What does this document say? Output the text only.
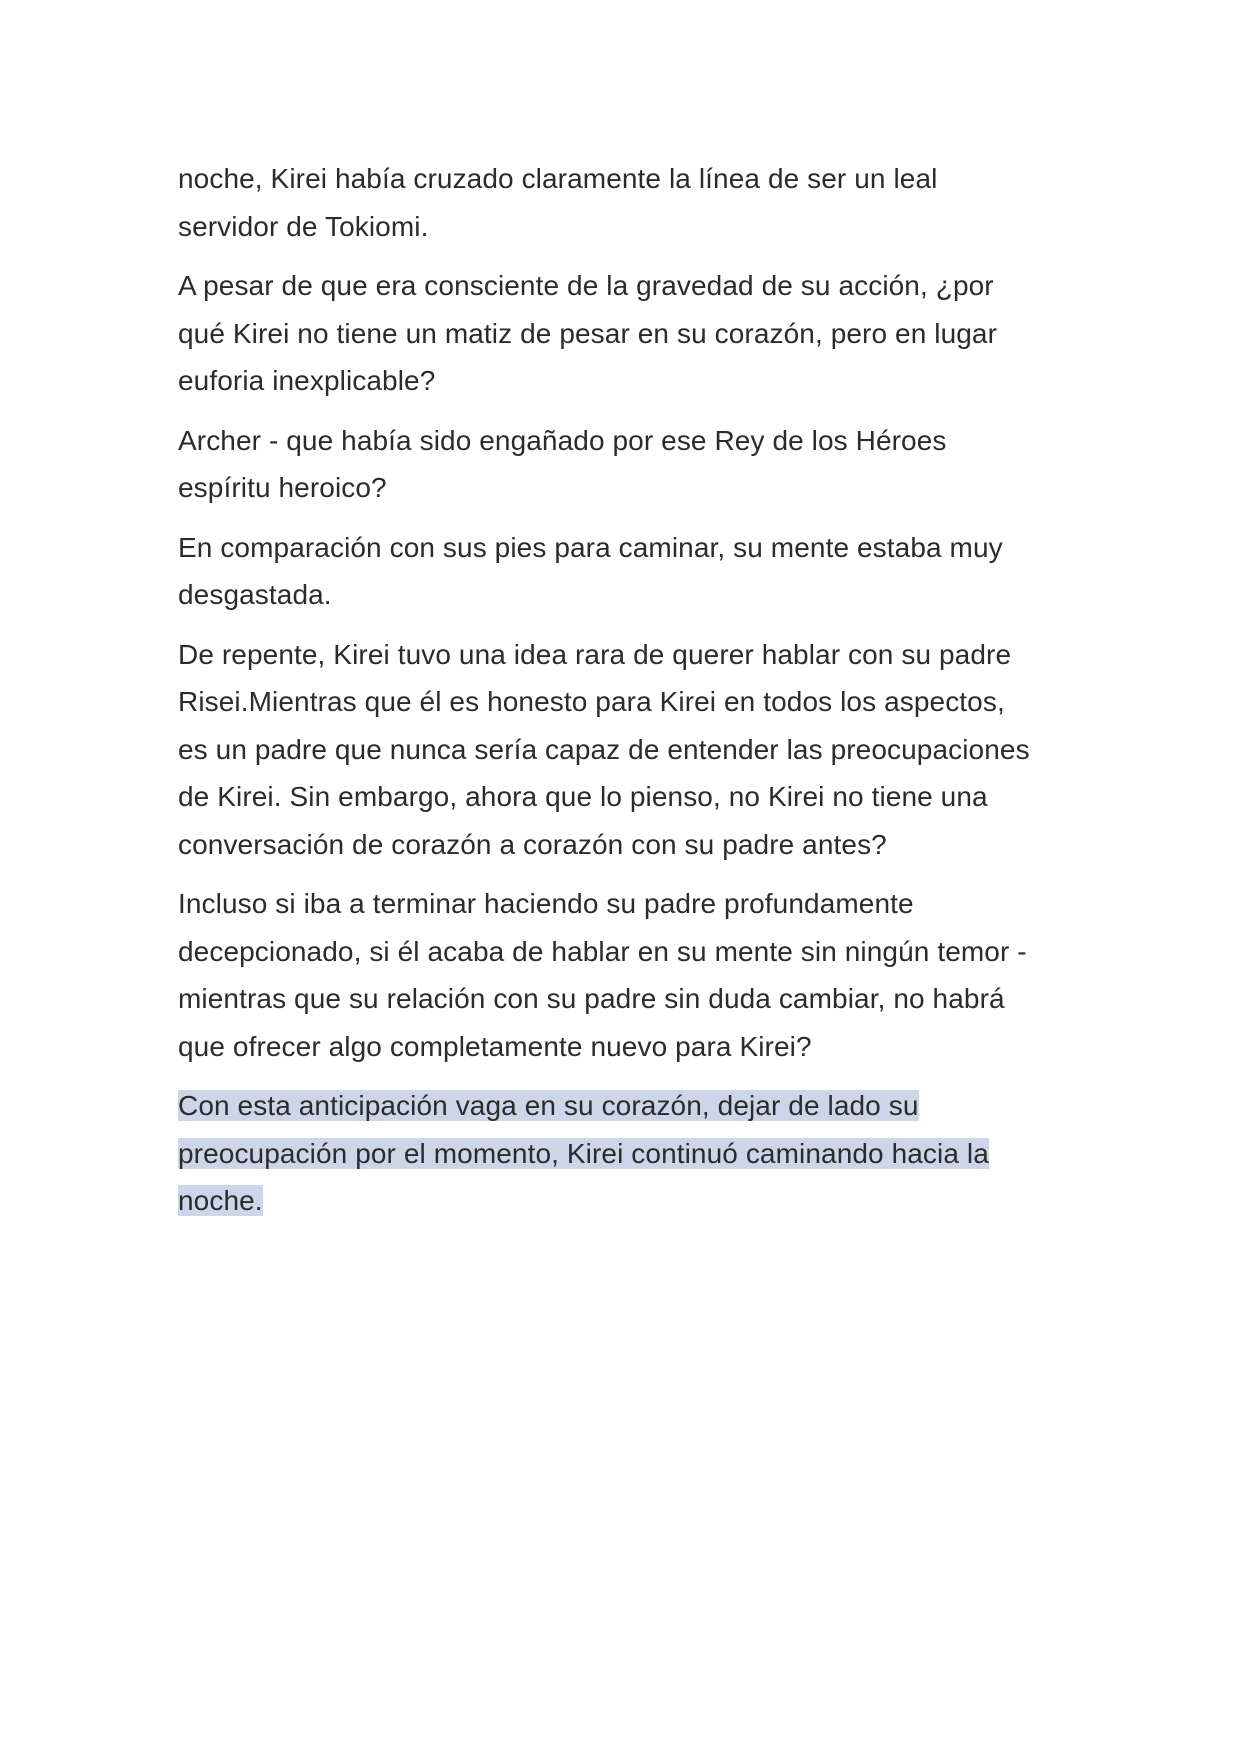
noche, Kirei había cruzado claramente la línea de ser un leal
servidor de Tokiomi.

A pesar de que era consciente de la gravedad de su acción, ¿por
qué Kirei no tiene un matiz de pesar en su corazón, pero en lugar
euforia inexplicable?

Archer - que había sido engañado por ese Rey de los Héroes
espíritu heroico?

En comparación con sus pies para caminar, su mente estaba muy
desgastada.

De repente, Kirei tuvo una idea rara de querer hablar con su padre
Risei.Mientras que él es honesto para Kirei en todos los aspectos,
es un padre que nunca sería capaz de entender las preocupaciones
de Kirei. Sin embargo, ahora que lo pienso, no Kirei no tiene una
conversación de corazón a corazón con su padre antes?

Incluso si iba a terminar haciendo su padre profundamente
decepcionado, si él acaba de hablar en su mente sin ningún temor -
mientras que su relación con su padre sin duda cambiar, no habrá
que ofrecer algo completamente nuevo para Kirei?

Con esta anticipación vaga en su corazón, dejar de lado su
preocupación por el momento, Kirei continuó caminando hacia la
noche.
